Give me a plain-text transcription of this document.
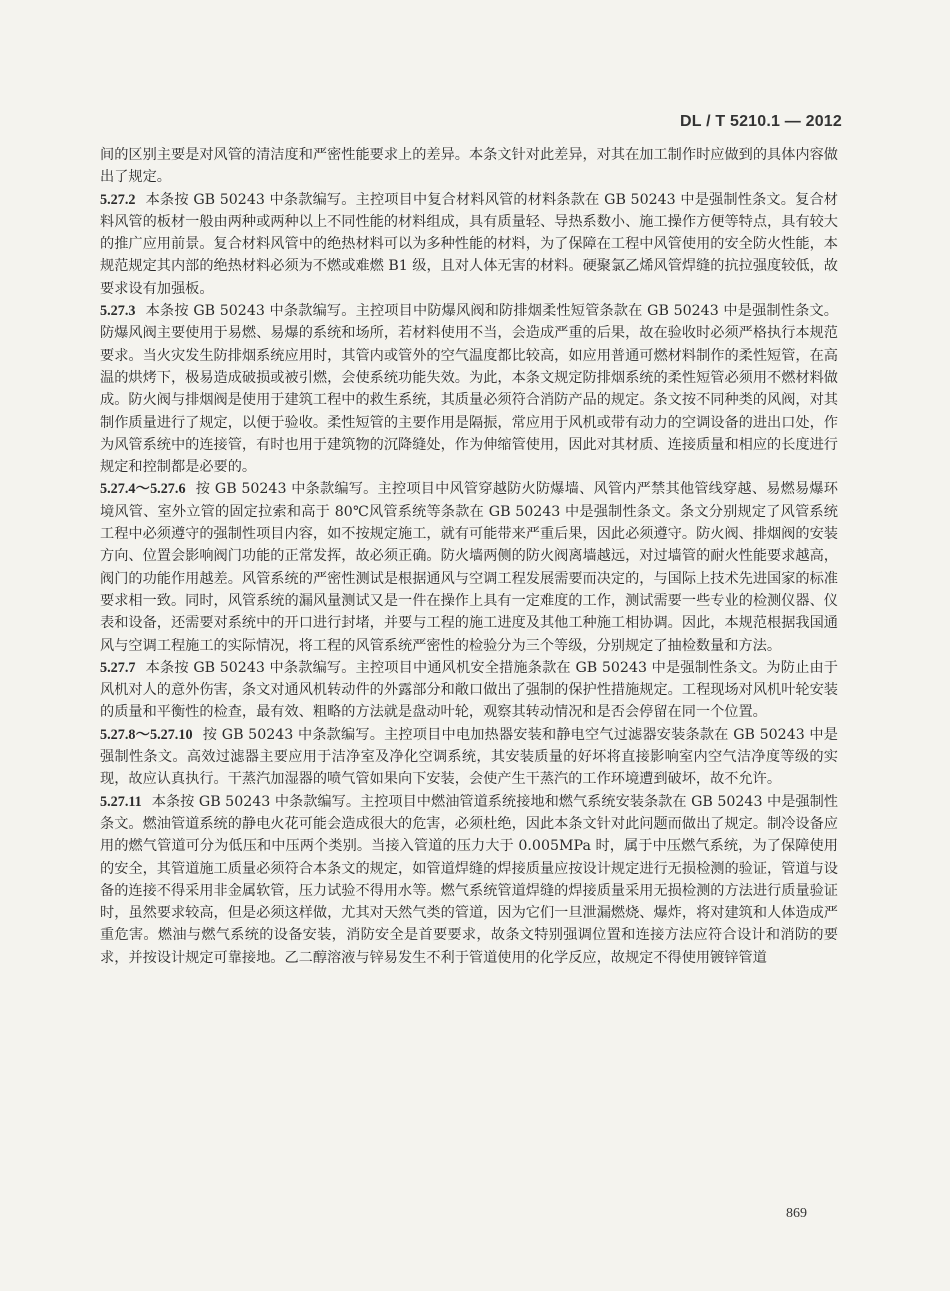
DL / T 5210.1 — 2012

间的区别主要是对风管的清洁度和严密性能要求上的差异。本条文针对此差异，对其在加工制作时应做到的具体内容做出了规定。

5.27.2 本条按 GB 50243 中条款编写。主控项目中复合材料风管的材料条款在 GB 50243 中是强制性条文。复合材料风管的板材一般由两种或两种以上不同性能的材料组成，具有质量轻、导热系数小、施工操作方便等特点，具有较大的推广应用前景。复合材料风管中的绝热材料可以为多种性能的材料，为了保障在工程中风管使用的安全防火性能，本规范规定其内部的绝热材料必须为不燃或难燃 B1 级，且对人体无害的材料。硬聚氯乙烯风管焊缝的抗拉强度较低，故要求设有加强板。

5.27.3 本条按 GB 50243 中条款编写。主控项目中防爆风阀和防排烟柔性短管条款在 GB 50243 中是强制性条文。防爆风阀主要使用于易燃、易爆的系统和场所，若材料使用不当，会造成严重的后果，故在验收时必须严格执行本规范要求。当火灾发生防排烟系统应用时，其管内或管外的空气温度都比较高，如应用普通可燃材料制作的柔性短管，在高温的烘烤下，极易造成破损或被引燃，会使系统功能失效。为此，本条文规定防排烟系统的柔性短管必须用不燃材料做成。防火阀与排烟阀是使用于建筑工程中的救生系统，其质量必须符合消防产品的规定。条文按不同种类的风阀，对其制作质量进行了规定，以便于验收。柔性短管的主要作用是隔振，常应用于风机或带有动力的空调设备的进出口处，作为风管系统中的连接管，有时也用于建筑物的沉降缝处，作为伸缩管使用，因此对其材质、连接质量和相应的长度进行规定和控制都是必要的。

5.27.4～5.27.6 按 GB 50243 中条款编写。主控项目中风管穿越防火防爆墙、风管内严禁其他管线穿越、易燃易爆环境风管、室外立管的固定拉索和高于 80℃风管系统等条款在 GB 50243 中是强制性条文。条文分别规定了风管系统工程中必须遵守的强制性项目内容，如不按规定施工，就有可能带来严重后果，因此必须遵守。防火阀、排烟阀的安装方向、位置会影响阀门功能的正常发挥，故必须正确。防火墙两侧的防火阀离墙越远，对过墙管的耐火性能要求越高，阀门的功能作用越差。风管系统的严密性测试是根据通风与空调工程发展需要而决定的，与国际上技术先进国家的标准要求相一致。同时，风管系统的漏风量测试又是一件在操作上具有一定难度的工作，测试需要一些专业的检测仪器、仪表和设备，还需要对系统中的开口进行封堵，并要与工程的施工进度及其他工种施工相协调。因此，本规范根据我国通风与空调工程施工的实际情况，将工程的风管系统严密性的检验分为三个等级，分别规定了抽检数量和方法。

5.27.7 本条按 GB 50243 中条款编写。主控项目中通风机安全措施条款在 GB 50243 中是强制性条文。为防止由于风机对人的意外伤害，条文对通风机转动件的外露部分和敞口做出了强制的保护性措施规定。工程现场对风机叶轮安装的质量和平衡性的检查，最有效、粗略的方法就是盘动叶轮，观察其转动情况和是否会停留在同一个位置。

5.27.8～5.27.10 按 GB 50243 中条款编写。主控项目中电加热器安装和静电空气过滤器安装条款在 GB 50243 中是强制性条文。高效过滤器主要应用于洁净室及净化空调系统，其安装质量的好坏将直接影响室内空气洁净度等级的实现，故应认真执行。干蒸汽加湿器的喷气管如果向下安装，会使产生干蒸汽的工作环境遭到破坏，故不允许。

5.27.11 本条按 GB 50243 中条款编写。主控项目中燃油管道系统接地和燃气系统安装条款在 GB 50243 中是强制性条文。燃油管道系统的静电火花可能会造成很大的危害，必须杜绝，因此本条文针对此问题而做出了规定。制冷设备应用的燃气管道可分为低压和中压两个类别。当接入管道的压力大于 0.005MPa 时，属于中压燃气系统，为了保障使用的安全，其管道施工质量必须符合本条文的规定，如管道焊缝的焊接质量应按设计规定进行无损检测的验证，管道与设备的连接不得采用非金属软管，压力试验不得用水等。燃气系统管道焊缝的焊接质量采用无损检测的方法进行质量验证时，虽然要求较高，但是必须这样做，尤其对天然气类的管道，因为它们一旦泄漏燃烧、爆炸，将对建筑和人体造成严重危害。燃油与燃气系统的设备安装，消防安全是首要要求，故条文特别强调位置和连接方法应符合设计和消防的要求，并按设计规定可靠接地。乙二醇溶液与锌易发生不利于管道使用的化学反应，故规定不得使用镀锌管道

869
